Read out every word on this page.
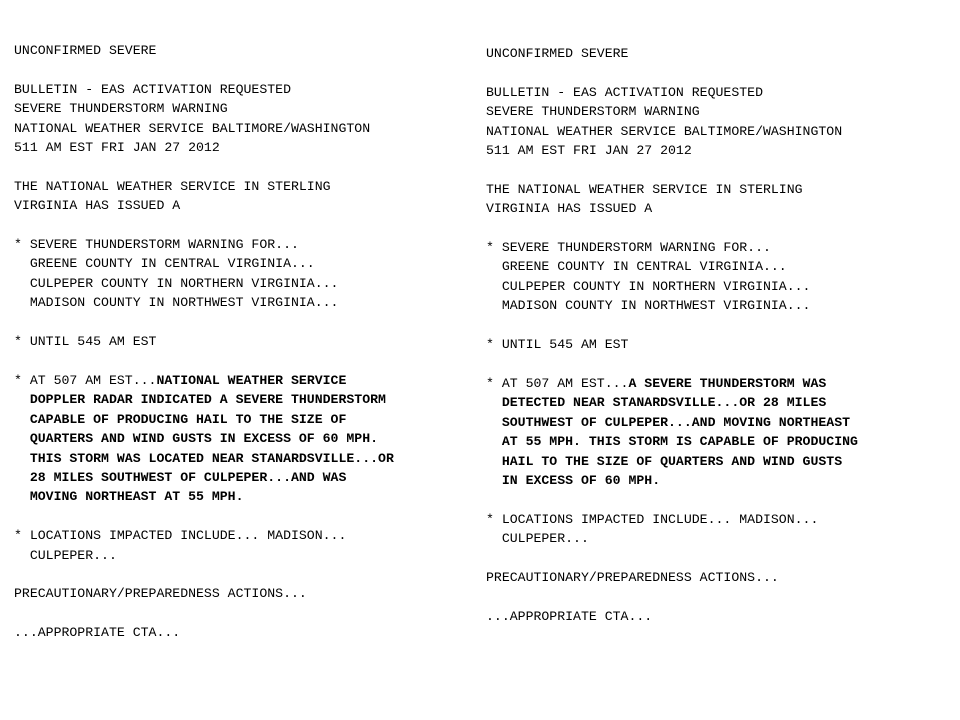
UNCONFIRMED SEVERE

BULLETIN - EAS ACTIVATION REQUESTED
SEVERE THUNDERSTORM WARNING
NATIONAL WEATHER SERVICE BALTIMORE/WASHINGTON
511 AM EST FRI JAN 27 2012

THE NATIONAL WEATHER SERVICE IN STERLING
VIRGINIA HAS ISSUED A

* SEVERE THUNDERSTORM WARNING FOR...
GREENE COUNTY IN CENTRAL VIRGINIA...
CULPEPER COUNTY IN NORTHERN VIRGINIA...
MADISON COUNTY IN NORTHWEST VIRGINIA...

* UNTIL 545 AM EST

* AT 507 AM EST...NATIONAL WEATHER SERVICE
DOPPLER RADAR INDICATED A SEVERE THUNDERSTORM
CAPABLE OF PRODUCING HAIL TO THE SIZE OF
QUARTERS AND WIND GUSTS IN EXCESS OF 60 MPH.
THIS STORM WAS LOCATED NEAR STANARDSVILLE...OR
28 MILES SOUTHWEST OF CULPEPER...AND WAS
MOVING NORTHEAST AT 55 MPH.

* LOCATIONS IMPACTED INCLUDE... MADISON...
CULPEPER...

PRECAUTIONARY/PREPAREDNESS ACTIONS...

...APPROPRIATE CTA...
UNCONFIRMED SEVERE

BULLETIN - EAS ACTIVATION REQUESTED
SEVERE THUNDERSTORM WARNING
NATIONAL WEATHER SERVICE BALTIMORE/WASHINGTON
511 AM EST FRI JAN 27 2012

THE NATIONAL WEATHER SERVICE IN STERLING
VIRGINIA HAS ISSUED A

* SEVERE THUNDERSTORM WARNING FOR...
GREENE COUNTY IN CENTRAL VIRGINIA...
CULPEPER COUNTY IN NORTHERN VIRGINIA...
MADISON COUNTY IN NORTHWEST VIRGINIA...

* UNTIL 545 AM EST

* AT 507 AM EST...A SEVERE THUNDERSTORM WAS
DETECTED NEAR STANARDSVILLE...OR 28 MILES
SOUTHWEST OF CULPEPER...AND MOVING NORTHEAST
AT 55 MPH. THIS STORM IS CAPABLE OF PRODUCING
HAIL TO THE SIZE OF QUARTERS AND WIND GUSTS
IN EXCESS OF 60 MPH.

* LOCATIONS IMPACTED INCLUDE... MADISON...
CULPEPER...

PRECAUTIONARY/PREPAREDNESS ACTIONS...

...APPROPRIATE CTA...
